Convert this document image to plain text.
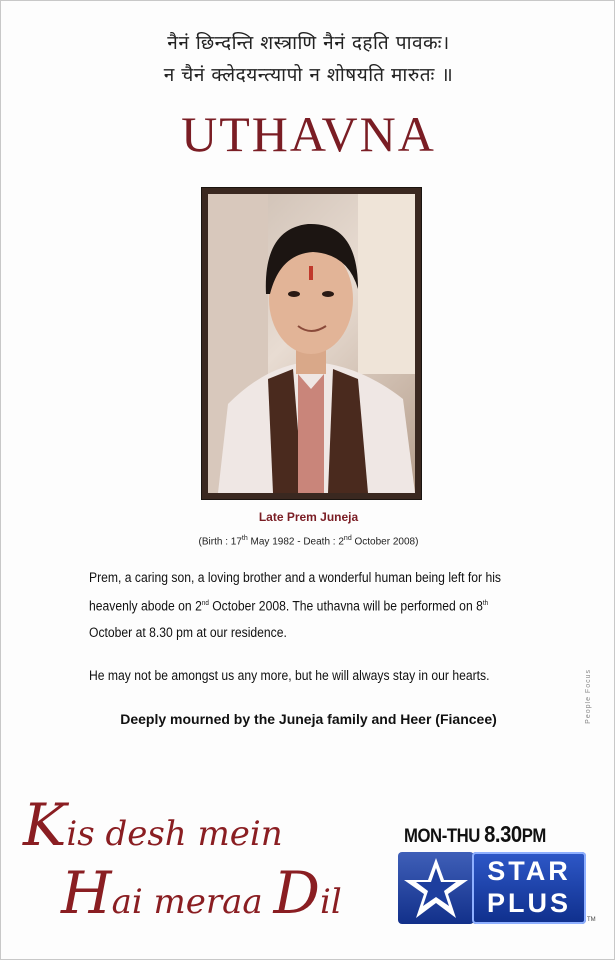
नैनं छिन्दन्ति शस्त्राणि नैनं दहति पावकः।
न चैनं क्लेदयन्त्यापो न शोषयति मारुतः ॥
UTHAVNA
Late Prem Juneja
(Birth : 17th May 1982 - Death : 2nd October 2008)
Prem, a caring son, a loving brother and a wonderful human being left for his heavenly abode on 2nd October 2008. The uthavna will be performed on 8th October at 8.30 pm at our residence.
He may not be amongst us any more, but he will always stay in our hearts.
Deeply mourned by the Juneja family and Heer (Fiancee)	People Focus
Kis desh mein
Hai meraa Dil
MON-THU 8.30PM
STAR
PLUS
TM
